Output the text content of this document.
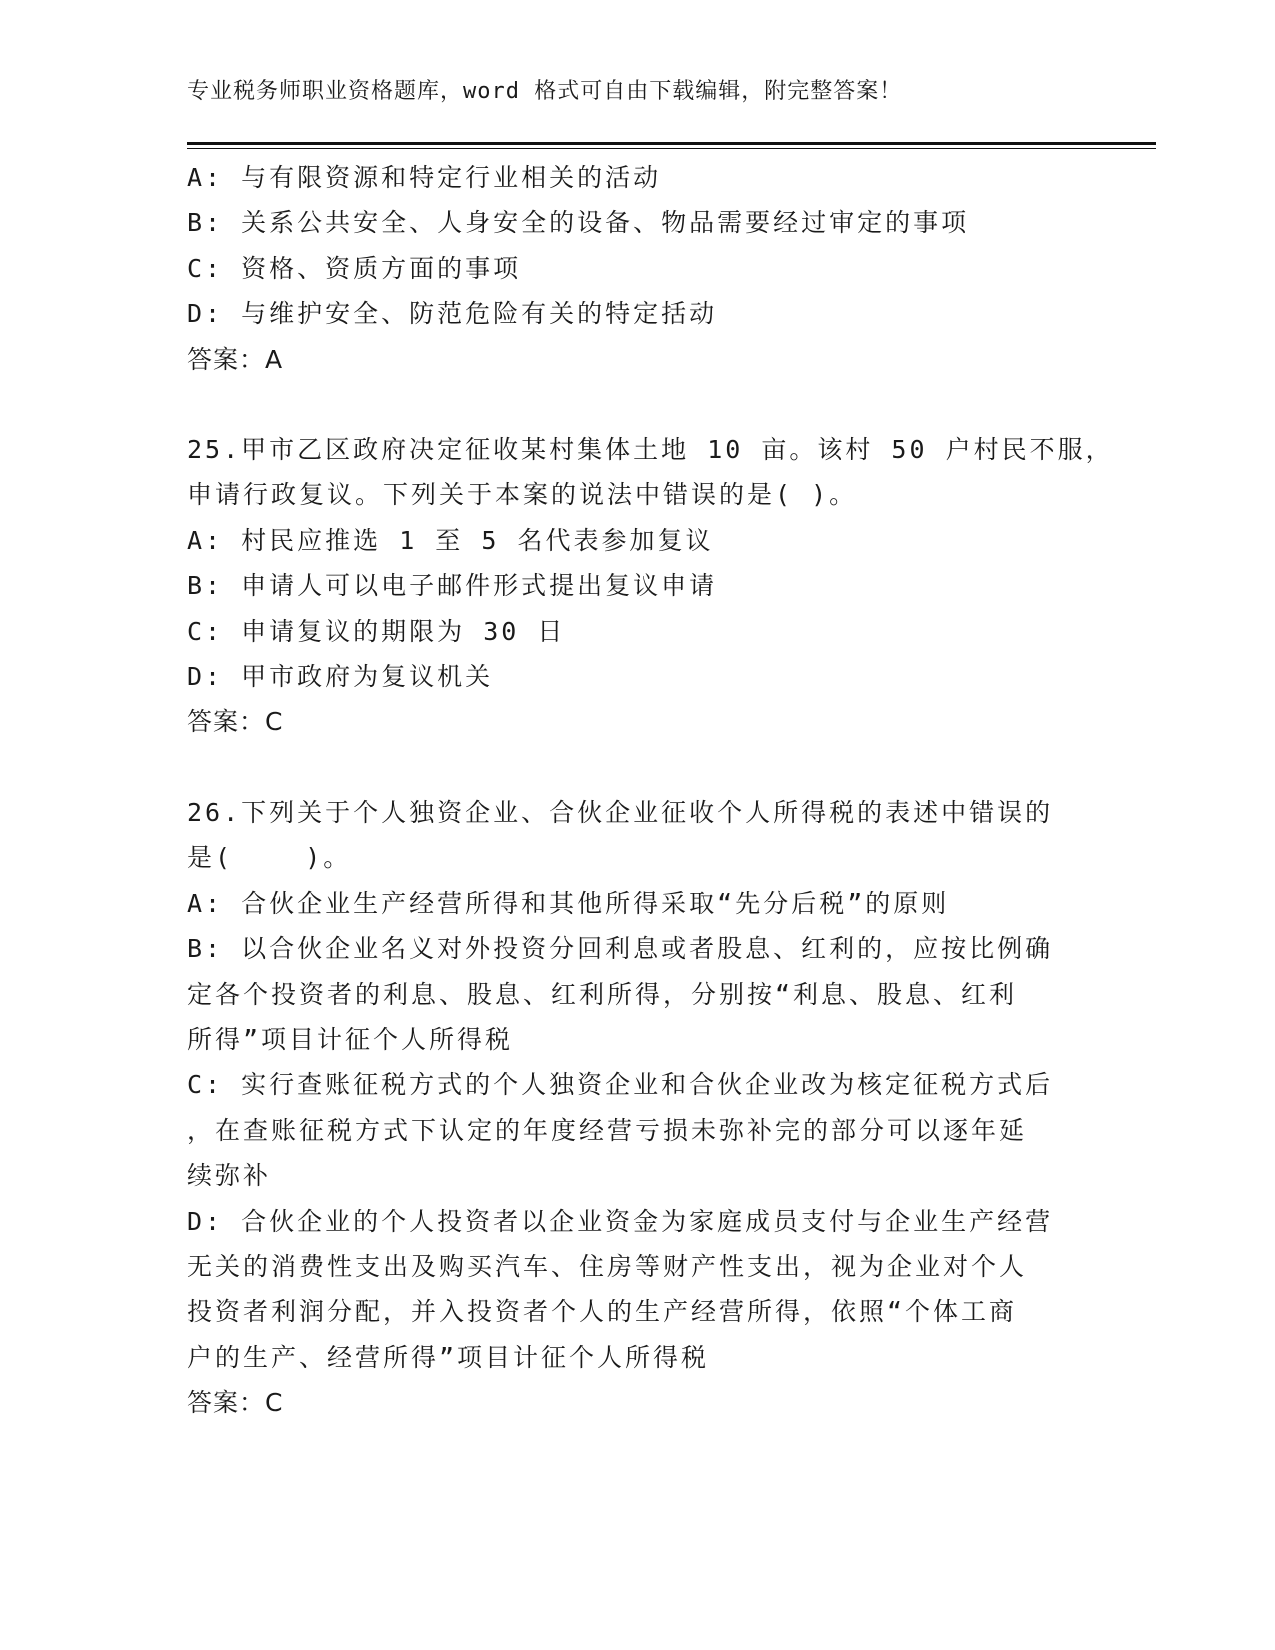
专业税务师职业资格题库，word 格式可自由下载编辑，附完整答案！
A: 与有限资源和特定行业相关的活动
B: 关系公共安全、人身安全的设备、物品需要经过审定的事项
C: 资格、资质方面的事项
D: 与维护安全、防范危险有关的特定括动
答案：A
25.甲市乙区政府决定征收某村集体土地 10 亩。该村 50 户村民不服，
申请行政复议。下列关于本案的说法中错误的是( )。
A: 村民应推选 1 至 5 名代表参加复议
B: 申请人可以电子邮件形式提出复议申请
C: 申请复议的期限为 30 日
D: 甲市政府为复议机关
答案：C
26.下列关于个人独资企业、合伙企业征收个人所得税的表述中错误的
是(    )。
A: 合伙企业生产经营所得和其他所得采取“先分后税”的原则
B: 以合伙企业名义对外投资分回利息或者股息、红利的，应按比例确
定各个投资者的利息、股息、红利所得，分别按“利息、股息、红利
所得”项目计征个人所得税
C: 实行查账征税方式的个人独资企业和合伙企业改为核定征税方式后
，在查账征税方式下认定的年度经营亏损未弥补完的部分可以逐年延
续弥补
D: 合伙企业的个人投资者以企业资金为家庭成员支付与企业生产经营
无关的消费性支出及购买汽车、住房等财产性支出，视为企业对个人
投资者利润分配，并入投资者个人的生产经营所得，依照“个体工商
户的生产、经营所得”项目计征个人所得税
答案：C
